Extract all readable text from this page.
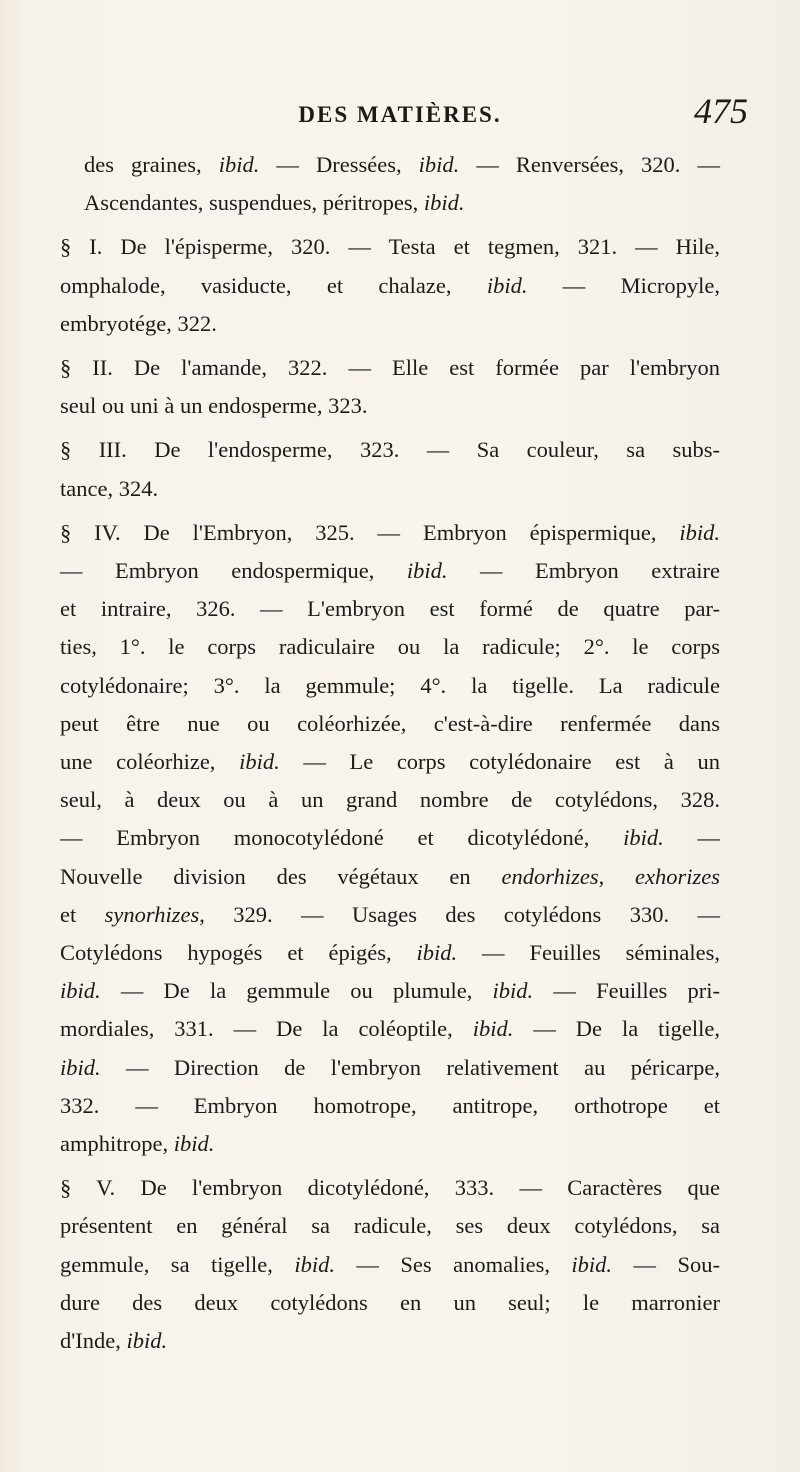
DES MATIÈRES.	475

des graines, ibid. — Dressées, ibid. — Renversées, 320. —
Ascendantes, suspendues, péritropes, ibid.

§ I. De l'épisperme, 320. — Testa et tegmen, 321. — Hile,
omphalode, vasiducte, et chalaze, ibid. — Micropyle,
embryotége, 322.

§ II. De l'amande, 322. — Elle est formée par l'embryon
seul ou uni à un endosperme, 323.

§ III. De l'endosperme, 323. — Sa couleur, sa subs-
tance, 324.

§ IV. De l'Embryon, 325. — Embryon épispermique, ibid.
— Embryon endospermique, ibid. — Embryon extraire
et intraire, 326. — L'embryon est formé de quatre par-
ties, 1°. le corps radiculaire ou la radicule; 2°. le corps
cotylédonaire; 3°. la gemmule; 4°. la tigelle. La radicule
peut être nue ou coléorhizée, c'est-à-dire renfermée dans
une coléorhize, ibid. — Le corps cotylédonaire est à un
seul, à deux ou à un grand nombre de cotylédons, 328.
— Embryon monocotylédoné et dicotylédoné, ibid. —
Nouvelle division des végétaux en endorhizes, exhorizes
et synorhizes, 329. — Usages des cotylédons 330. —
Cotylédons hypogés et épigés, ibid. — Feuilles séminales,
ibid. — De la gemmule ou plumule, ibid. — Feuilles pri-
mordiales, 331. — De la coléoptile, ibid. — De la tigelle,
ibid. — Direction de l'embryon relativement au péricarpe,
332. — Embryon homotrope, antitrope, orthotrope et
amphitrope, ibid.

§ V. De l'embryon dicotylédoné, 333. — Caractères que
présentent en général sa radicule, ses deux cotylédons, sa
gemmule, sa tigelle, ibid. — Ses anomalies, ibid. — Sou-
dure des deux cotylédons en un seul; le marronier
d'Inde, ibid.
